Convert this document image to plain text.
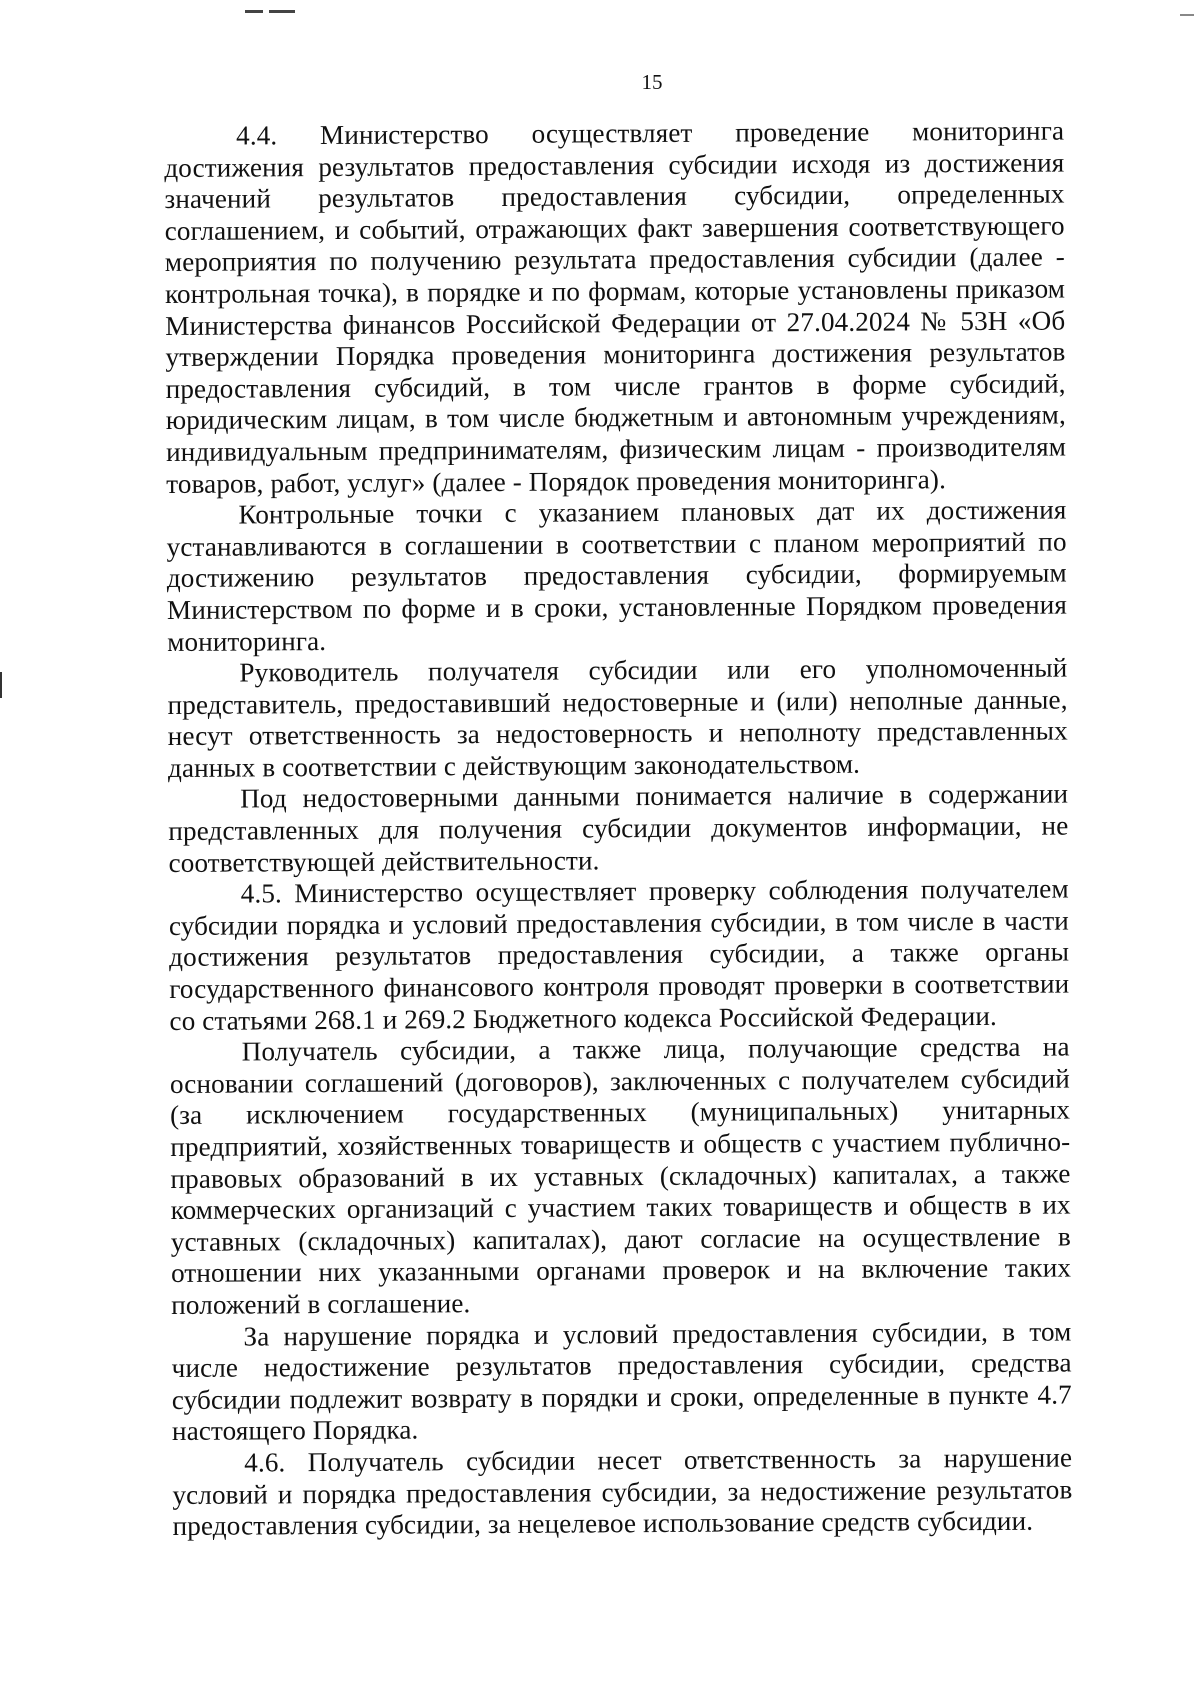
15

4.4. Министерство осуществляет проведение мониторинга достижения результатов предоставления субсидии исходя из достижения значений результатов предоставления субсидии, определенных соглашением, и событий, отражающих факт завершения соответствующего мероприятия по получению результата предоставления субсидии (далее - контрольная точка), в порядке и по формам, которые установлены приказом Министерства финансов Российской Федерации от 27.04.2024 № 53Н «Об утверждении Порядка проведения мониторинга достижения результатов предоставления субсидий, в том числе грантов в форме субсидий, юридическим лицам, в том числе бюджетным и автономным учреждениям, индивидуальным предпринимателям, физическим лицам - производителям товаров, работ, услуг» (далее - Порядок проведения мониторинга).

Контрольные точки с указанием плановых дат их достижения устанавливаются в соглашении в соответствии с планом мероприятий по достижению результатов предоставления субсидии, формируемым Министерством по форме и в сроки, установленные Порядком проведения мониторинга.

Руководитель получателя субсидии или его уполномоченный представитель, предоставивший недостоверные и (или) неполные данные, несут ответственность за недостоверность и неполноту представленных данных в соответствии с действующим законодательством.

Под недостоверными данными понимается наличие в содержании представленных для получения субсидии документов информации, не соответствующей действительности.

4.5. Министерство осуществляет проверку соблюдения получателем субсидии порядка и условий предоставления субсидии, в том числе в части достижения результатов предоставления субсидии, а также органы государственного финансового контроля проводят проверки в соответствии со статьями 268.1 и 269.2 Бюджетного кодекса Российской Федерации.

Получатель субсидии, а также лица, получающие средства на основании соглашений (договоров), заключенных с получателем субсидий (за исключением государственных (муниципальных) унитарных предприятий, хозяйственных товариществ и обществ с участием публично-правовых образований в их уставных (складочных) капиталах, а также коммерческих организаций с участием таких товариществ и обществ в их уставных (складочных) капиталах), дают согласие на осуществление в отношении них указанными органами проверок и на включение таких положений в соглашение.

За нарушение порядка и условий предоставления субсидии, в том числе недостижение результатов предоставления субсидии, средства субсидии подлежит возврату в порядки и сроки, определенные в пункте 4.7 настоящего Порядка.

4.6. Получатель субсидии несет ответственность за нарушение условий и порядка предоставления субсидии, за недостижение результатов предоставления субсидии, за нецелевое использование средств субсидии.
